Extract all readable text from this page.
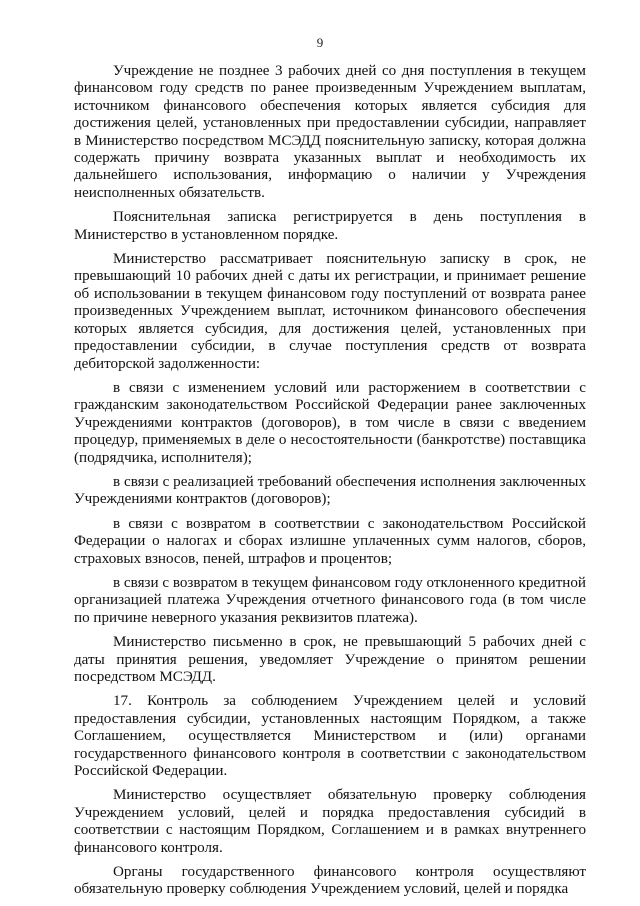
9

Учреждение не позднее 3 рабочих дней со дня поступления в текущем финансовом году средств по ранее произведенным Учреждением выплатам, источником финансового обеспечения которых является субсидия для достижения целей, установленных при предоставлении субсидии, направляет в Министерство посредством МСЭДД пояснительную записку, которая должна содержать причину возврата указанных выплат и необходимость их дальнейшего использования, информацию о наличии у Учреждения неисполненных обязательств.

Пояснительная записка регистрируется в день поступления в Министерство в установленном порядке.

Министерство рассматривает пояснительную записку в срок, не превышающий 10 рабочих дней с даты их регистрации, и принимает решение об использовании в текущем финансовом году поступлений от возврата ранее произведенных Учреждением выплат, источником финансового обеспечения которых является субсидия, для достижения целей, установленных при предоставлении субсидии, в случае поступления средств от возврата дебиторской задолженности:

в связи с изменением условий или расторжением в соответствии с гражданским законодательством Российской Федерации ранее заключенных Учреждениями контрактов (договоров), в том числе в связи с введением процедур, применяемых в деле о несостоятельности (банкротстве) поставщика (подрядчика, исполнителя);

в связи с реализацией требований обеспечения исполнения заключенных Учреждениями контрактов (договоров);

в связи с возвратом в соответствии с законодательством Российской Федерации о налогах и сборах излишне уплаченных сумм налогов, сборов, страховых взносов, пеней, штрафов и процентов;

в связи с возвратом в текущем финансовом году отклоненного кредитной организацией платежа Учреждения отчетного финансового года (в том числе по причине неверного указания реквизитов платежа).

Министерство письменно в срок, не превышающий 5 рабочих дней с даты принятия решения, уведомляет Учреждение о принятом решении посредством МСЭДД.

17. Контроль за соблюдением Учреждением целей и условий предоставления субсидии, установленных настоящим Порядком, а также Соглашением, осуществляется Министерством и (или) органами государственного финансового контроля в соответствии с законодательством Российской Федерации.

Министерство осуществляет обязательную проверку соблюдения Учреждением условий, целей и порядка предоставления субсидий в соответствии с настоящим Порядком, Соглашением и в рамках внутреннего финансового контроля.

Органы государственного финансового контроля осуществляют обязательную проверку соблюдения Учреждением условий, целей и порядка
